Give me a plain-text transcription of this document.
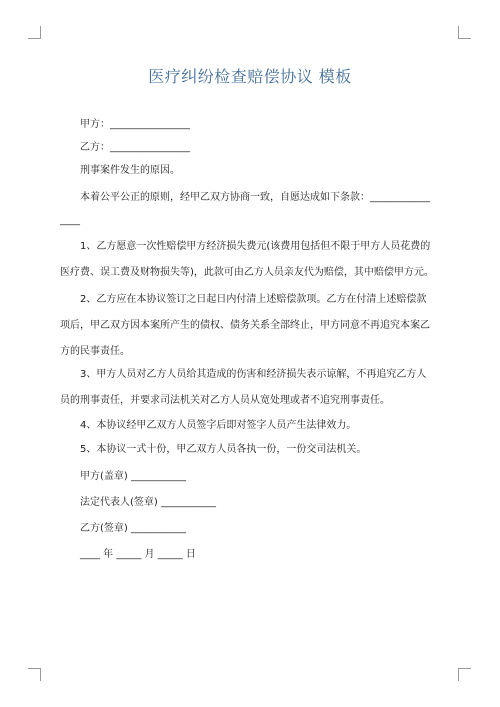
医疗纠纷检查赔偿协议 模板
甲方：________________
乙方：________________
刑事案件发生的原因。
本着公平公正的原则，经甲乙双方协商一致，自愿达成如下条款：____________
____
1、乙方愿意一次性赔偿甲方经济损失费元(该费用包括但不限于甲方人员花费的
医疗费、误工费及财物损失等)，此款可由乙方人员亲友代为赔偿，其中赔偿甲方元。
2、乙方应在本协议签订之日起日内付清上述赔偿款项。乙方在付清上述赔偿款
项后，甲乙双方因本案所产生的债权、债务关系全部终止，甲方同意不再追究本案乙
方的民事责任。
3、甲方人员对乙方人员给其造成的伤害和经济损失表示谅解，不再追究乙方人
员的刑事责任，并要求司法机关对乙方人员从宽处理或者不追究刑事责任。
4、本协议经甲乙双方人员签字后即对签字人员产生法律效力。
5、本协议一式十份，甲乙双方人员各执一份，一份交司法机关。
甲方(盖章) ___________
法定代表人(签章) ___________
乙方(签章) ___________
____ 年 _____ 月 _____ 日
